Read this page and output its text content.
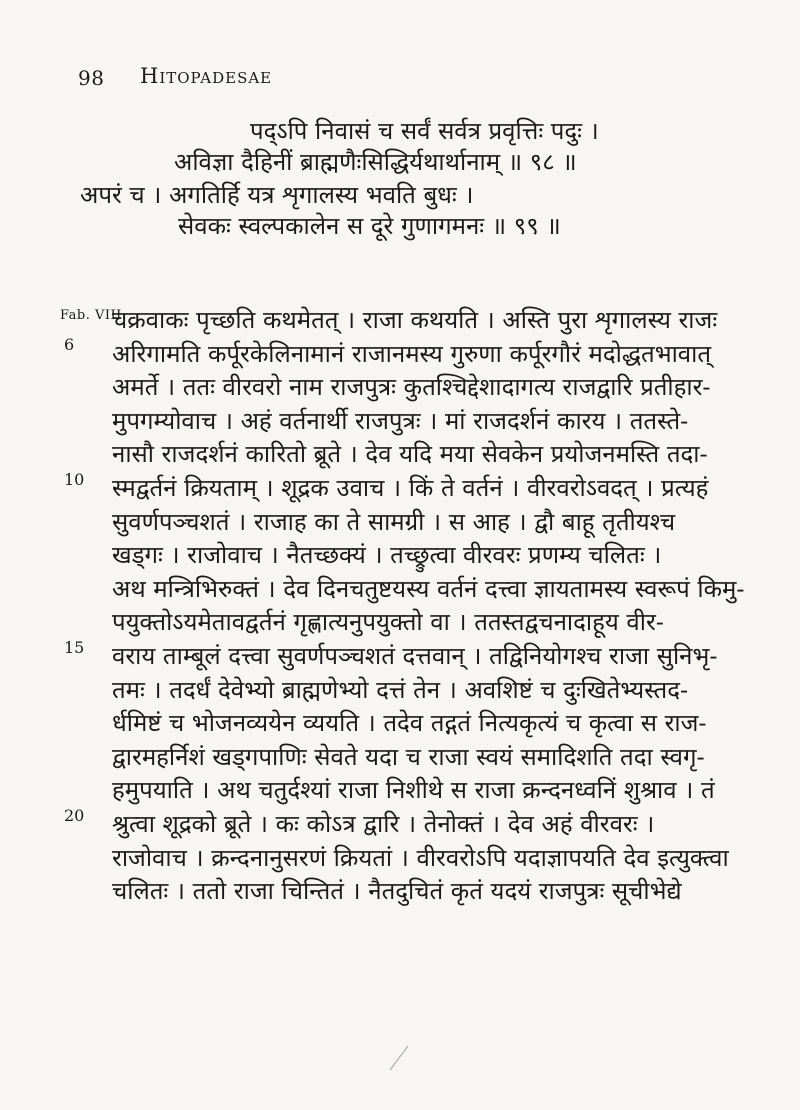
98 Hitopadesae
पद्‌ऽपि निवासं च सर्वं सर्वत्र प्रवृत्तिः पदुः ।
अविज्ञा दैहिनीं ब्राह्मणैःसिद्धिर्यथार्थानाम् ॥ ९८ ॥
अपरं च । अगतिर्हि यत्र शृगालस्य भवति बुधः ।
सेवकः स्वल्पकालेन स दूरे गुणागमनः ॥ ९९ ॥
Fab. VIII.
6
10
15
20
चक्रवाकः पृच्छति कथमेतत् । राजा कथयति । अस्ति पुरा शृगालस्य राजः
अरिगामति कर्पूरकेलिनामानं राजानमस्य गुरुणा कर्पूरगौरं मदोद्धतभावात्
अमर्ते । ततः वीरवरो नाम राजपुत्रः कुतश्चिद्देशादागत्य राजद्वारि प्रतीहार-
मुपगम्योवाच । अहं वर्तनार्थी राजपुत्रः । मां राजदर्शनं कारय । ततस्ते-
नासौ राजदर्शनं कारितो ब्रूते । देव यदि मया सेवकेन प्रयोजनमस्ति तदा-
स्मद्वर्तनं क्रियताम् । शूद्रक उवाच । किं ते वर्तनं । वीरवरोऽवदत् । प्रत्यहं
सुवर्णपञ्चशतं । राजाह का ते सामग्री । स आह । द्वौ बाहू तृतीयश्च
खड्गः । राजोवाच । नैतच्छक्यं । तच्छ्रुत्वा वीरवरः प्रणम्य चलितः ।
अथ मन्त्रिभिरुक्तं । देव दिनचतुष्टयस्य वर्तनं दत्त्वा ज्ञायतामस्य स्वरूपं किमु-
पयुक्तोऽयमेतावद्वर्तनं गृह्णात्यनुपयुक्तो वा । ततस्तद्वचनादाहूय वीर-
वराय ताम्बूलं दत्त्वा सुवर्णपञ्चशतं दत्तवान् । तद्विनियोगश्च राजा सुनिभृ-
तमः । तदर्धं देवेभ्यो ब्राह्मणेभ्यो दत्तं तेन । अवशिष्टं च दुःखितेभ्यस्तद-
र्धमिष्टं च भोजनव्ययेन व्ययति । तदेव तद्गतं नित्यकृत्यं च कृत्वा स राज-
द्वारमहर्निशं खड्गपाणिः सेवते यदा च राजा स्वयं समादिशति तदा स्वगृ-
हमुपयाति । अथ चतुर्दश्यां राजा निशीथे स राजा क्रन्दनध्वनिं शुश्राव । तं
श्रुत्वा शूद्रको ब्रूते । कः कोऽत्र द्वारि । तेनोक्तं । देव अहं वीरवरः ।
राजोवाच । क्रन्दनानुसरणं क्रियतां । वीरवरोऽपि यदाज्ञापयति देव इत्युक्त्वा
चलितः । ततो राजा चिन्तितं । नैतदुचितं कृतं यदयं राजपुत्रः सूचीभेद्ये
